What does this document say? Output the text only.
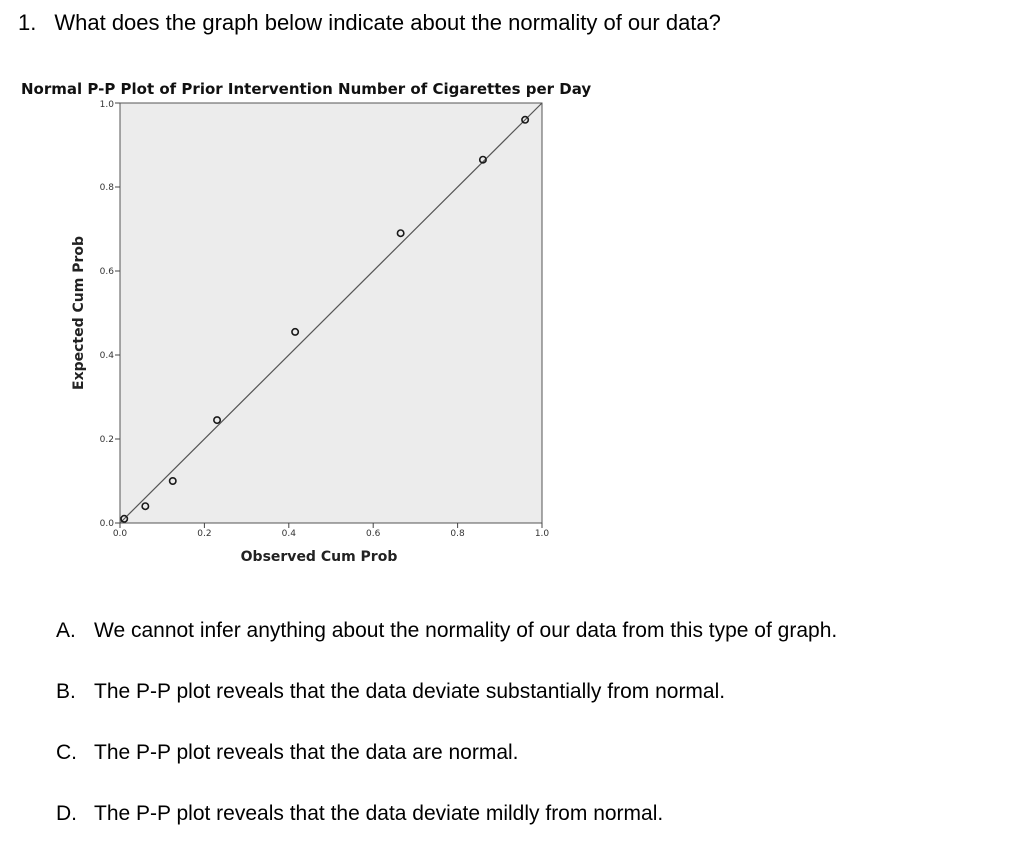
1. What does the graph below indicate about the normality of our data?
Normal P-P Plot of Prior Intervention Number of Cigarettes per Day
0.0
0.2
0.4
0.6
0.8
1.0
0.0	0.2	0.4	0.6	0.8	1.0
Observed Cum Prob
Expected Cum Prob
A. We cannot infer anything about the normality of our data from this type of graph.
B. The P-P plot reveals that the data deviate substantially from normal.
C. The P-P plot reveals that the data are normal.
D. The P-P plot reveals that the data deviate mildly from normal.
